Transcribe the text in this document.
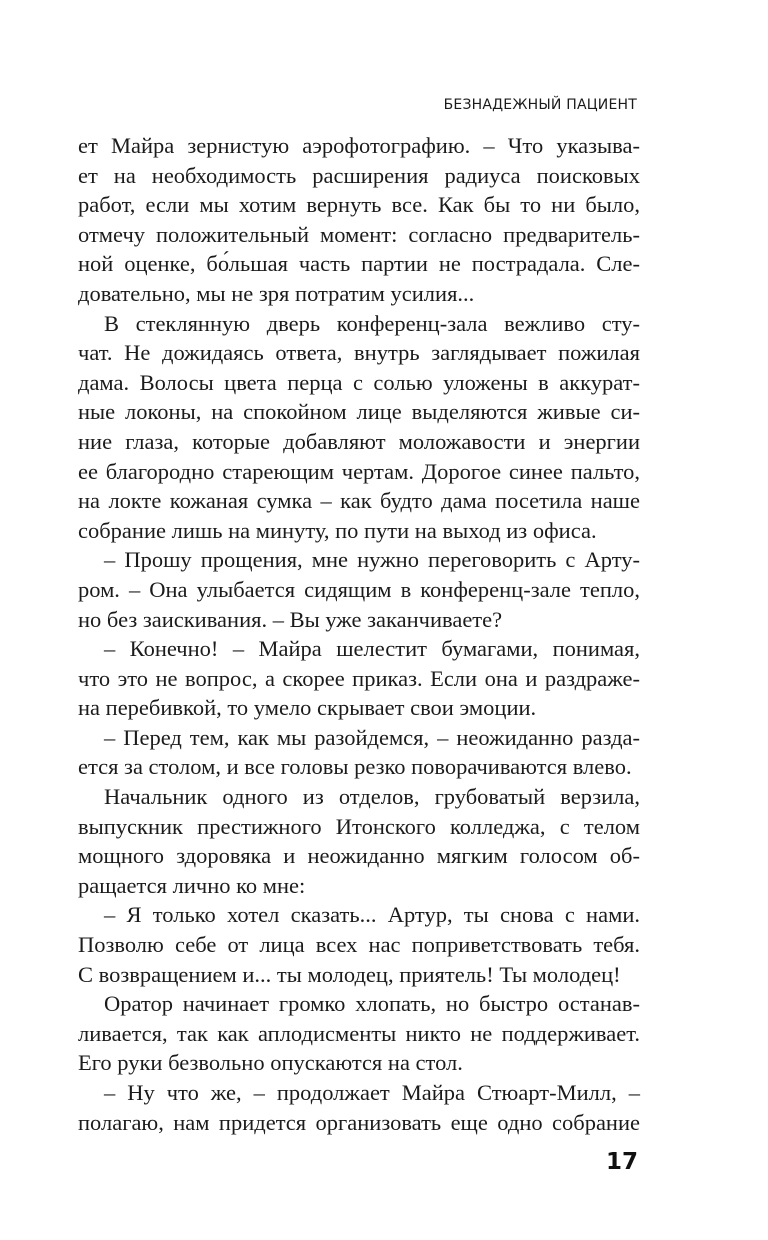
БЕЗНАДЕЖНЫЙ ПАЦИЕНТ
ет Майра зернистую аэрофотографию. – Что указыва-
ет на необходимость расширения радиуса поисковых
работ, если мы хотим вернуть все. Как бы то ни было,
отмечу положительный момент: согласно предваритель-
ной оценке, бо́льшая часть партии не пострадала. Сле-
довательно, мы не зря потратим усилия...
В стеклянную дверь конференц-зала вежливо сту-
чат. Не дожидаясь ответа, внутрь заглядывает пожилая
дама. Волосы цвета перца с солью уложены в аккурат-
ные локоны, на спокойном лице выделяются живые си-
ние глаза, которые добавляют моложавости и энергии
ее благородно стареющим чертам. Дорогое синее пальто,
на локте кожаная сумка – как будто дама посетила наше
собрание лишь на минуту, по пути на выход из офиса.
– Прошу прощения, мне нужно переговорить с Арту-
ром. – Она улыбается сидящим в конференц-зале тепло,
но без заискивания. – Вы уже заканчиваете?
– Конечно! – Майра шелестит бумагами, понимая,
что это не вопрос, а скорее приказ. Если она и раздраже-
на перебивкой, то умело скрывает свои эмоции.
– Перед тем, как мы разойдемся, – неожиданно разда-
ется за столом, и все головы резко поворачиваются влево.
Начальник одного из отделов, грубоватый верзила,
выпускник престижного Итонского колледжа, с телом
мощного здоровяка и неожиданно мягким голосом об-
ращается лично ко мне:
– Я только хотел сказать... Артур, ты снова с нами.
Позволю себе от лица всех нас поприветствовать тебя.
С возвращением и... ты молодец, приятель! Ты молодец!
Оратор начинает громко хлопать, но быстро останав-
ливается, так как аплодисменты никто не поддерживает.
Его руки безвольно опускаются на стол.
– Ну что же, – продолжает Майра Стюарт-Милл, –
полагаю, нам придется организовать еще одно собрание
17
